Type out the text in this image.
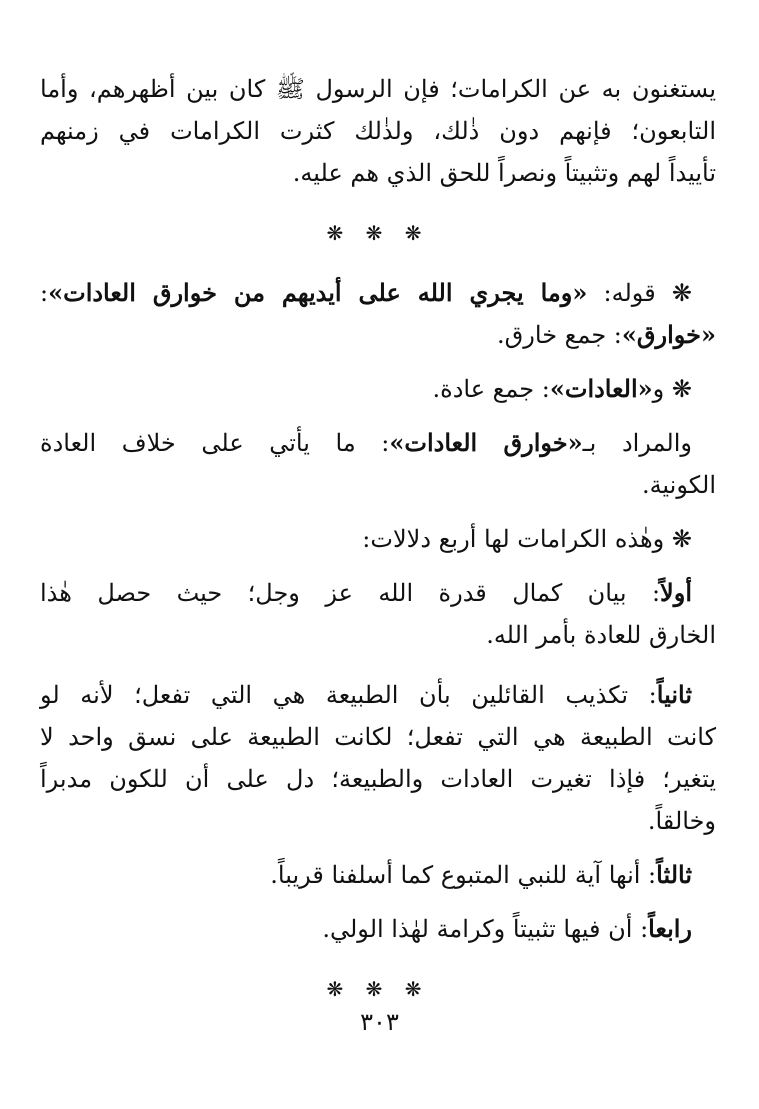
يستغنون به عن الكرامات؛ فإن الرسول ﷺ كان بين أظهرهم، وأما
التابعون؛ فإنهم دون ذٰلك، ولذٰلك كثرت الكرامات في زمنهم
تأييداً لهم وتثبيتاً ونصراً للحق الذي هم عليه.
❋ ❋ ❋
❋ قوله: «وما يجري الله على أيديهم من خوارق العادات»:
«خوارق»: جمع خارق.
❋ و«العادات»: جمع عادة.
والمراد بـ«خوارق العادات»: ما يأتي على خلاف العادة
الكونية.
❋ وهٰذه الكرامات لها أربع دلالات:
أولاً: بيان كمال قدرة الله عز وجل؛ حيث حصل هٰذا
الخارق للعادة بأمر الله.
ثانياً: تكذيب القائلين بأن الطبيعة هي التي تفعل؛ لأنه لو
كانت الطبيعة هي التي تفعل؛ لكانت الطبيعة على نسق واحد لا
يتغير؛ فإذا تغيرت العادات والطبيعة؛ دل على أن للكون مدبراً
وخالقاً.
ثالثاً: أنها آية للنبي المتبوع كما أسلفنا قريباً.
رابعاً: أن فيها تثبيتاً وكرامة لهٰذا الولي.
❋ ❋ ❋
٣٠٣
